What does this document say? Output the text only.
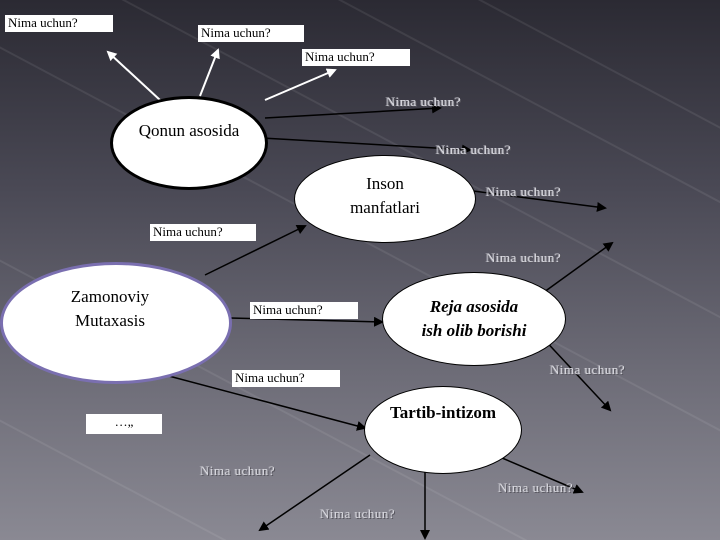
Nima uchun?
Nima uchun?
Nima uchun?
Nima uchun?
Nima uchun?
Nima uchun?
…„
Nima uchun?
Nima uchun?
Nima uchun?
Nima uchun?
Nima uchun?
Nima uchun?
Nima uchun?
Nima uchun?
Qonun asosida
Inson
manfatlari
Zamonoviy
Mutaxasis
Reja asosida
ish olib borishi
Tartib-intizom
